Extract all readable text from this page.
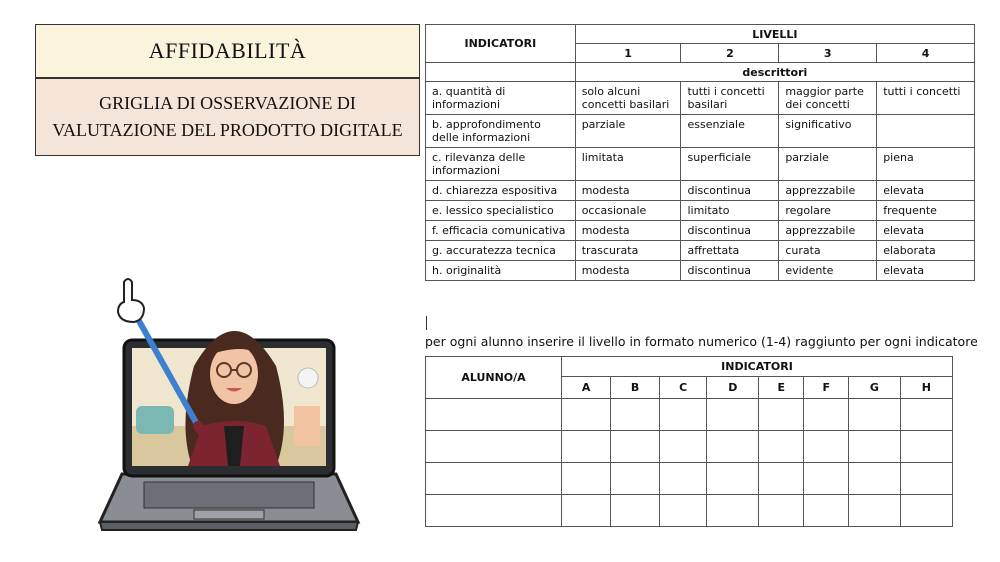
AFFIDABILITÀ
GRIGLIA DI OSSERVAZIONE DI
VALUTAZIONE DEL PRODOTTO DIGITALE
INDICATORI	LIVELLI			
	1	2	3	4
	descrittori			
a. quantità di informazioni	solo alcuni concetti basilari	tutti i concetti basilari	maggior parte dei concetti	tutti i concetti
b. approfondimento delle informazioni	parziale	essenziale	significativo	
c. rilevanza delle informazioni	limitata	superficiale	parziale	piena
d. chiarezza espositiva	modesta	discontinua	apprezzabile	elevata
e. lessico specialistico	occasionale	limitato	regolare	frequente
f. efficacia comunicativa	modesta	discontinua	apprezzabile	elevata
g. accuratezza tecnica	trascurata	affrettata	curata	elaborata
h. originalità	modesta	discontinua	evidente	elevata
per ogni alunno inserire il livello in formato numerico (1-4) raggiunto per ogni indicatore
ALUNNO/A	INDICATORI							
	A	B	C	D	E	F	G	H
